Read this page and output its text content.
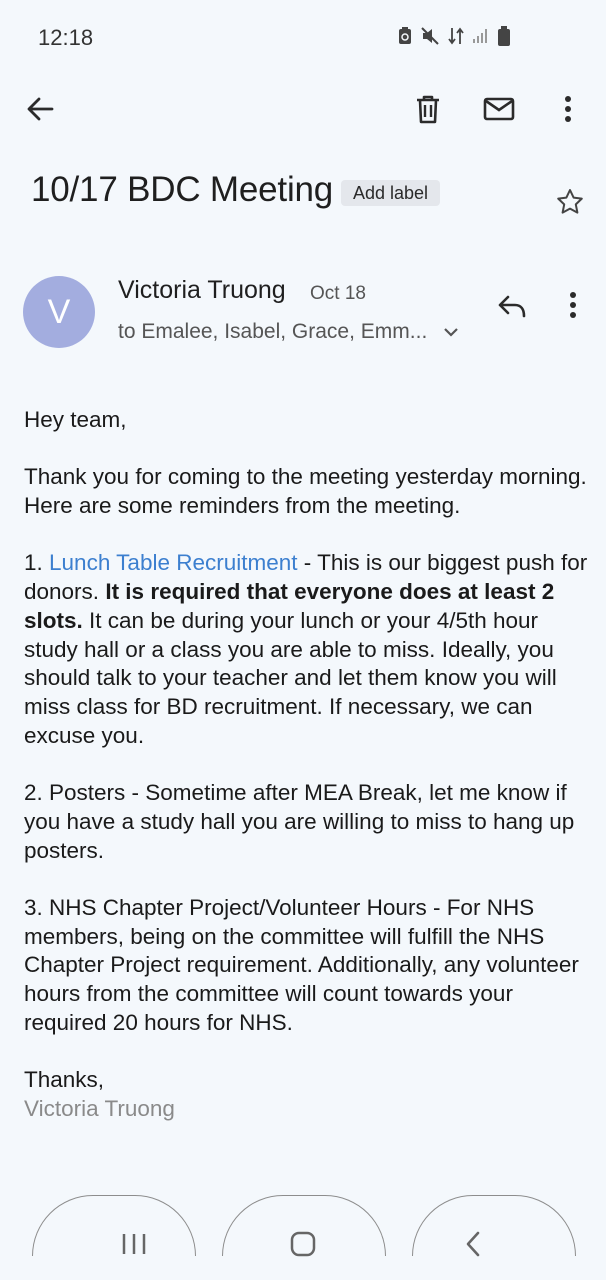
12:18
10/17 BDC Meeting	Add label
V
Victoria Truong Oct 18
to Emalee, Isabel, Grace, Emm...

Hey team,

Thank you for coming to the meeting yesterday morning. Here are some reminders from the meeting.

1. Lunch Table Recruitment - This is our biggest push for donors. It is required that everyone does at least 2 slots. It can be during your lunch or your 4/5th hour study hall or a class you are able to miss. Ideally, you should talk to your teacher and let them know you will miss class for BD recruitment. If necessary, we can excuse you.

2. Posters - Sometime after MEA Break, let me know if you have a study hall you are willing to miss to hang up posters.

3. NHS Chapter Project/Volunteer Hours - For NHS members, being on the committee will fulfill the NHS Chapter Project requirement. Additionally, any volunteer hours from the committee will count towards your required 20 hours for NHS.

Thanks,

Victoria Truong
